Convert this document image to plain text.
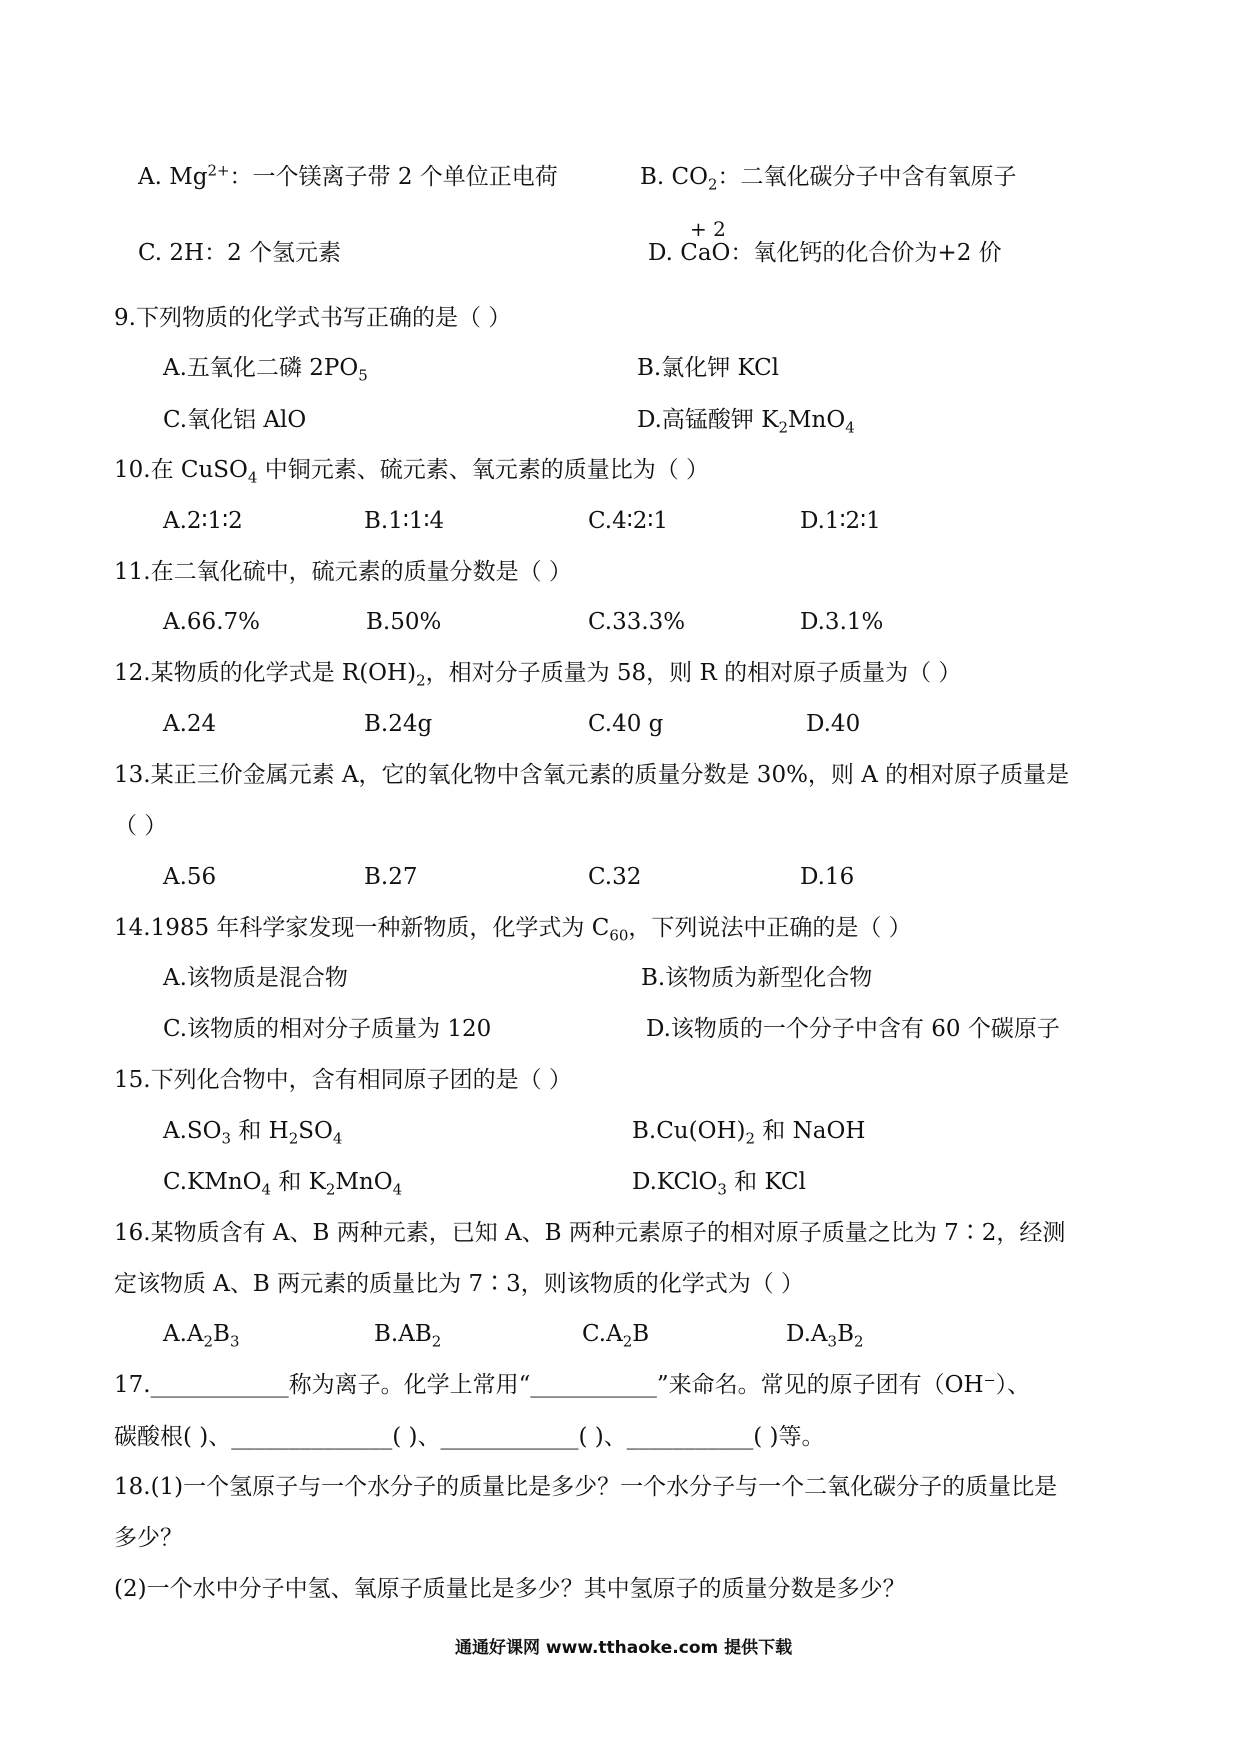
A. $Mg^{2+}$：一个镁离子带 2 个单位正电荷	B. $CO_2$：二氧化碳分子中含有氧原子
C. 2H：2 个氢元素
+ 2
D. CaO：氧化钙的化合价为+2 价
9.下列物质的化学式书写正确的是（ ）
A.五氧化二磷 $2PO_5$	B.氯化钾 KCl
C.氧化铝 AlO	D.高锰酸钾 $K_2MnO_4$
10.在 CuSO$_4$ 中铜元素、硫元素、氧元素的质量比为（ ）
A.2∶1∶2	B.1∶1∶4	C.4∶2∶1	D.1∶2∶1
11.在二氧化硫中，硫元素的质量分数是（ ）
A.66.7%	B.50%	C.33.3%	D.3.1%
12.某物质的化学式是 $R(OH)_2$，相对分子质量为 58，则 R 的相对原子质量为（ ）
A.24	B.24g	C.40 g	D.40
13.某正三价金属元素 A，它的氧化物中含氧元素的质量分数是 30%，则 A 的相对原子质量是
（ ）
A.56	B.27	C.32	D.16
14.1985 年科学家发现一种新物质，化学式为 $C_{60}$，下列说法中正确的是（ ）
A.该物质是混合物	B.该物质为新型化合物
C.该物质的相对分子质量为 120	D.该物质的一个分子中含有 60 个碳原子
15.下列化合物中，含有相同原子团的是（ ）
$A.SO_3$ 和 $H_2SO_4$	$B.Cu(OH)_2$ 和 NaOH
C.KMnO$_4$ 和 $K_2MnO_4$	D.KClO$_3$ 和 KCl
16.某物质含有 A、B 两种元素，已知 A、B 两种元素原子的相对原子质量之比为 7∶2，经测
定该物质 A、B 两元素的质量比为 7∶3，则该物质的化学式为（ ）
$A.A_2B_3$	$B.AB_2$	$C.A_2B$	$D.A_3B_2$
17.____________称为离子。化学上常用“___________”来命名。常见的原子团有（OH⁻）、
碳酸根( )、______________( )、____________( )、___________( )等。
18.(1)一个氢原子与一个水分子的质量比是多少？一个水分子与一个二氧化碳分子的质量比是
多少？
(2)一个水中分子中氢、氧原子质量比是多少？其中氢原子的质量分数是多少？
通通好课网 www.tthaoke.com 提供下载
